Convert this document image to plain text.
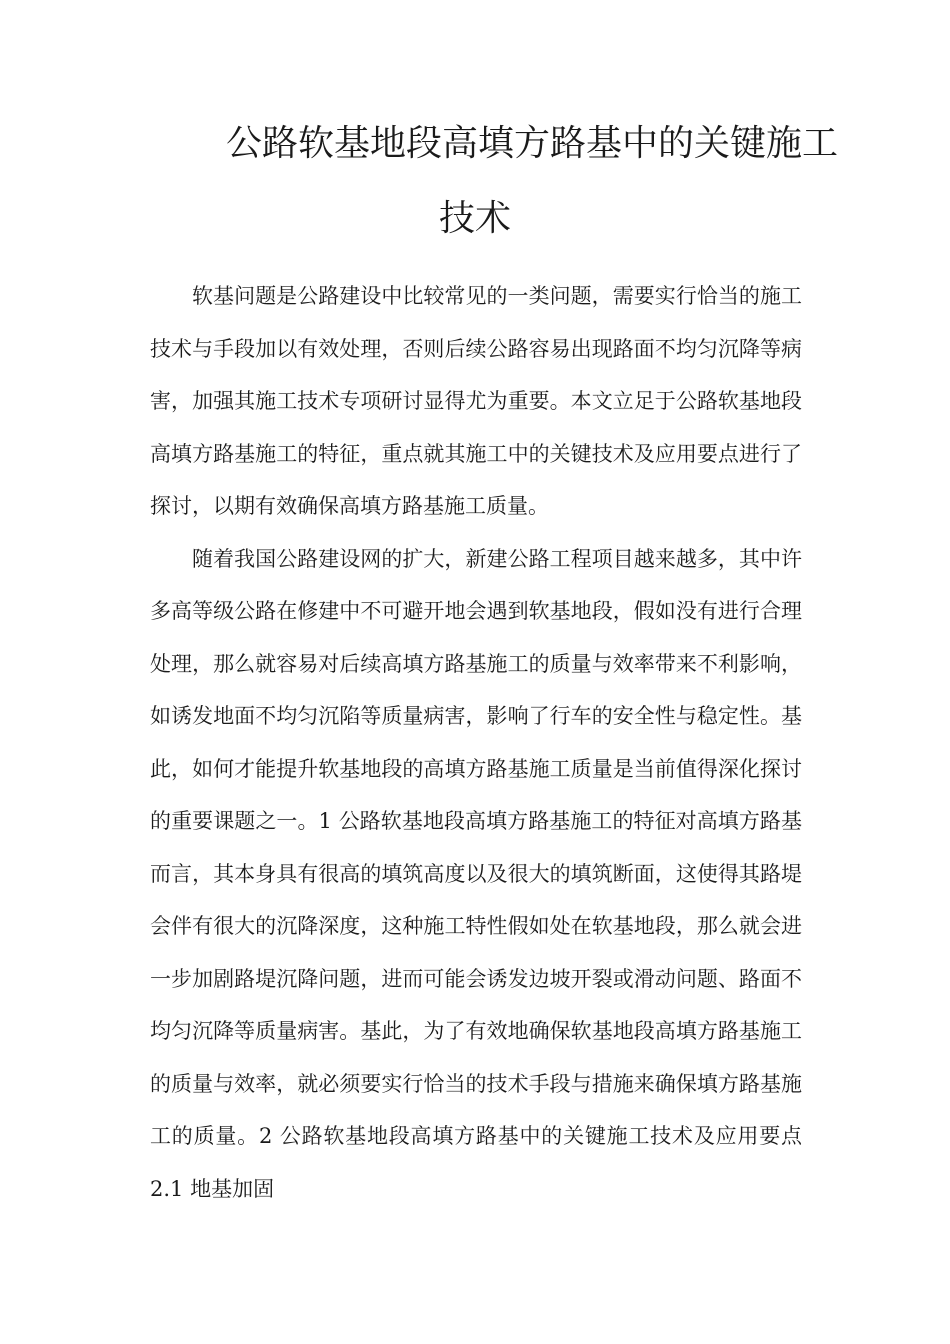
公路软基地段高填方路基中的关键施工
技术

软基问题是公路建设中比较常见的一类问题，需要实行恰当的施工技术与手段加以有效处理，否则后续公路容易出现路面不均匀沉降等病害，加强其施工技术专项研讨显得尤为重要。本文立足于公路软基地段高填方路基施工的特征，重点就其施工中的关键技术及应用要点进行了探讨，以期有效确保高填方路基施工质量。

随着我国公路建设网的扩大，新建公路工程项目越来越多，其中许多高等级公路在修建中不可避开地会遇到软基地段，假如没有进行合理处理，那么就容易对后续高填方路基施工的质量与效率带来不利影响，如诱发地面不均匀沉陷等质量病害，影响了行车的安全性与稳定性。基此，如何才能提升软基地段的高填方路基施工质量是当前值得深化探讨的重要课题之一。1 公路软基地段高填方路基施工的特征对高填方路基而言，其本身具有很高的填筑高度以及很大的填筑断面，这使得其路堤会伴有很大的沉降深度，这种施工特性假如处在软基地段，那么就会进一步加剧路堤沉降问题，进而可能会诱发边坡开裂或滑动问题、路面不均匀沉降等质量病害。基此，为了有效地确保软基地段高填方路基施工的质量与效率，就必须要实行恰当的技术手段与措施来确保填方路基施工的质量。2 公路软基地段高填方路基中的关键施工技术及应用要点 2.1 地基加固
